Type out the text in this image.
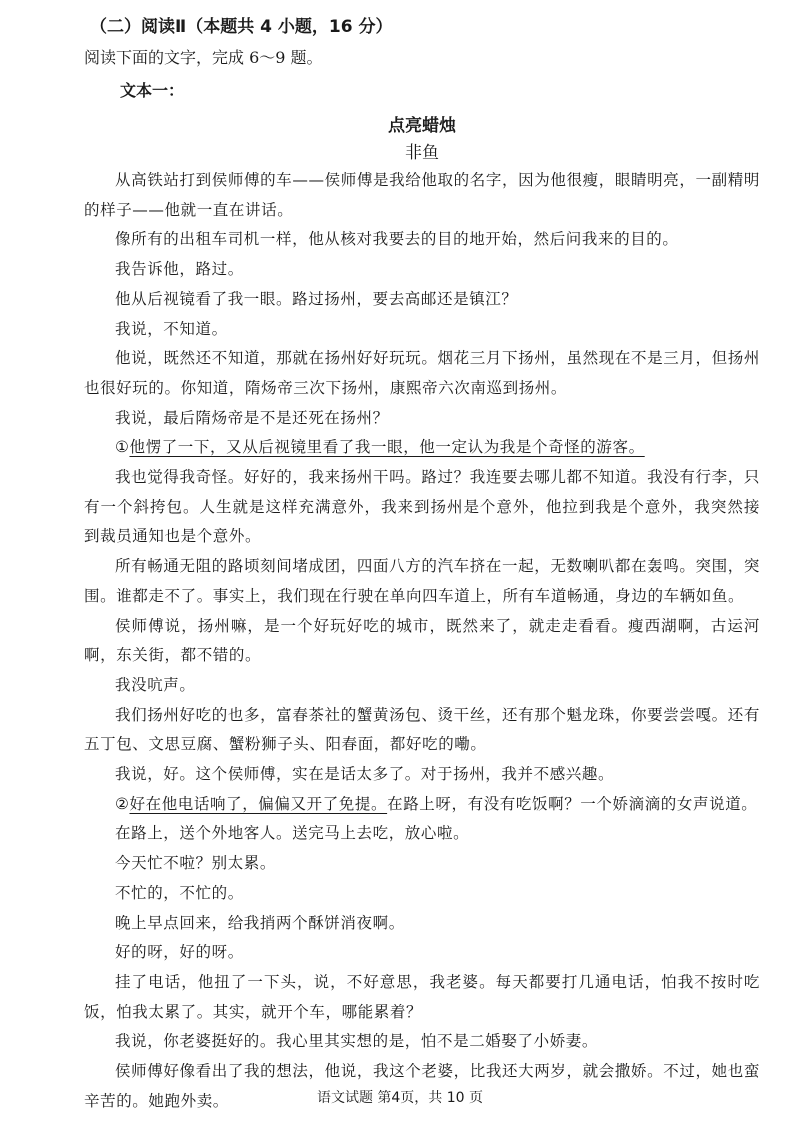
（二）阅读Ⅱ（本题共 4 小题，16 分）
阅读下面的文字，完成 6～9 题。
文本一：
点亮蜡烛
非鱼

从高铁站打到侯师傅的车——侯师傅是我给他取的名字，因为他很瘦，眼睛明亮，一副精明的样子——他就一直在讲话。

像所有的出租车司机一样，他从核对我要去的目的地开始，然后问我来的目的。

我告诉他，路过。

他从后视镜看了我一眼。路过扬州，要去高邮还是镇江？

我说，不知道。

他说，既然还不知道，那就在扬州好好玩玩。烟花三月下扬州，虽然现在不是三月，但扬州也很好玩的。你知道，隋炀帝三次下扬州，康熙帝六次南巡到扬州。

我说，最后隋炀帝是不是还死在扬州？

①他愣了一下，又从后视镜里看了我一眼，他一定认为我是个奇怪的游客。

我也觉得我奇怪。好好的，我来扬州干吗。路过？我连要去哪儿都不知道。我没有行李，只有一个斜挎包。人生就是这样充满意外，我来到扬州是个意外，他拉到我是个意外，我突然接到裁员通知也是个意外。

所有畅通无阻的路顷刻间堵成团，四面八方的汽车挤在一起，无数喇叭都在轰鸣。突围，突围。谁都走不了。事实上，我们现在行驶在单向四车道上，所有车道畅通，身边的车辆如鱼。

侯师傅说，扬州嘛，是一个好玩好吃的城市，既然来了，就走走看看。瘦西湖啊，古运河啊，东关街，都不错的。

我没吭声。

我们扬州好吃的也多，富春茶社的蟹黄汤包、烫干丝，还有那个魁龙珠，你要尝尝嘎。还有五丁包、文思豆腐、蟹粉狮子头、阳春面，都好吃的嘞。

我说，好。这个侯师傅，实在是话太多了。对于扬州，我并不感兴趣。

②好在他电话响了，偏偏又开了免提。在路上呀，有没有吃饭啊？一个娇滴滴的女声说道。

在路上，送个外地客人。送完马上去吃，放心啦。

今天忙不啦？别太累。

不忙的，不忙的。

晚上早点回来，给我捎两个酥饼消夜啊。

好的呀，好的呀。

挂了电话，他扭了一下头，说，不好意思，我老婆。每天都要打几通电话，怕我不按时吃饭，怕我太累了。其实，就开个车，哪能累着？

我说，你老婆挺好的。我心里其实想的是，怕不是二婚娶了小娇妻。

侯师傅好像看出了我的想法，他说，我这个老婆，比我还大两岁，就会撒娇。不过，她也蛮辛苦的。她跑外卖。	语文试题 第4页，共 10 页
